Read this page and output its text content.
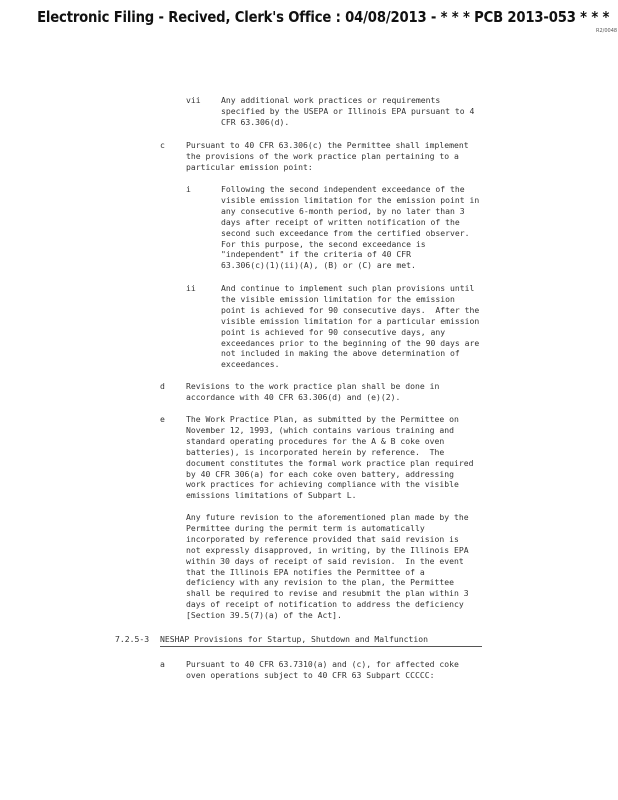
Electronic Filing - Recived, Clerk's Office : 04/08/2013 - * * * PCB 2013-053 * * *
R2/0048
vii	Any additional work practices or requirements
specified by the USEPA or Illinois EPA pursuant to 4
CFR 63.306(d).
c	Pursuant to 40 CFR 63.306(c) the Permittee shall implement
the provisions of the work practice plan pertaining to a
particular emission point:
i	Following the second independent exceedance of the
visible emission limitation for the emission point in
any consecutive 6-month period, by no later than 3
days after receipt of written notification of the
second such exceedance from the certified observer.
For this purpose, the second exceedance is
"independent" if the criteria of 40 CFR
63.306(c)(1)(ii)(A), (B) or (C) are met.
ii	And continue to implement such plan provisions until
the visible emission limitation for the emission
point is achieved for 90 consecutive days.  After the
visible emission limitation for a particular emission
point is achieved for 90 consecutive days, any
exceedances prior to the beginning of the 90 days are
not included in making the above determination of
exceedances.
d	Revisions to the work practice plan shall be done in
accordance with 40 CFR 63.306(d) and (e)(2).
e	The Work Practice Plan, as submitted by the Permittee on
November 12, 1993, (which contains various training and
standard operating procedures for the A & B coke oven
batteries), is incorporated herein by reference.  The
document constitutes the formal work practice plan required
by 40 CFR 306(a) for each coke oven battery, addressing
work practices for achieving compliance with the visible
emissions limitations of Subpart L.
Any future revision to the aforementioned plan made by the
Permittee during the permit term is automatically
incorporated by reference provided that said revision is
not expressly disapproved, in writing, by the Illinois EPA
within 30 days of receipt of said revision.  In the event
that the Illinois EPA notifies the Permittee of a
deficiency with any revision to the plan, the Permittee
shall be required to revise and resubmit the plan within 3
days of receipt of notification to address the deficiency
[Section 39.5(7)(a) of the Act].
7.2.5-3 NESHAP Provisions for Startup, Shutdown and Malfunction
a	Pursuant to 40 CFR 63.7310(a) and (c), for affected coke
oven operations subject to 40 CFR 63 Subpart CCCCC:
